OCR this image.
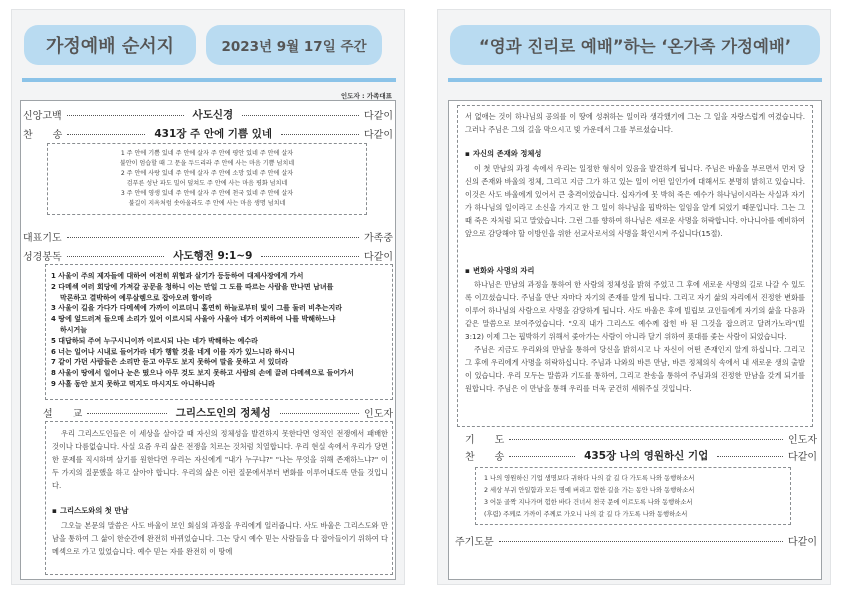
가정예배 순서지	2023년 9월 17일 주간
인도자 : 가족대표
신앙고백	사도신경	다같이
찬　　송	431장 주 안에 기쁨 있네	다같이
1 주 안에 기쁨 있네 주 안에 살자 주 안에 평안 있네 주 안에 살자
불안이 엄습할 때 그 문을 두드리라 주 안에 사는 마음 기쁨 넘치네
2 주 안에 사랑 있네 주 안에 살자 주 안에 소망 있네 주 안에 살자
검푸른 성난 파도 밀어 덮쳐도 주 안에 사는 마음 평화 넘치네
3 주 안에 영생 있네 주 안에 살자 주 안에 천국 있네 주 안에 살자
불길이 지옥처럼 솟아올라도 주 안에 사는 마음 생명 넘치네
대표기도	가족중
성경봉독	사도행전 9:1~9	다같이
1 사울이 주의 제자들에 대하여 여전히 위협과 살기가 등등하여 대제사장에게 가서
2 다메섹 여러 회당에 가져갈 공문을 청하니 이는 만일 그 도를 따르는 사람을 만나면 남녀를
막론하고 결박하여 예루살렘으로 잡아오려 함이라
3 사울이 길을 가다가 다메섹에 가까이 이르더니 홀연히 하늘로부터 빛이 그를 둘러 비추는지라
4 땅에 엎드러져 들으매 소리가 있어 이르시되 사울아 사울아 네가 어찌하여 나를 박해하느냐
하시거늘
5 대답하되 주여 누구시니이까 이르시되 나는 네가 박해하는 예수라
6 너는 일어나 시내로 들어가라 네가 행할 것을 네게 이를 자가 있느니라 하시니
7 같이 가던 사람들은 소리만 듣고 아무도 보지 못하여 말을 못하고 서 있더라
8 사울이 땅에서 일어나 눈은 떴으나 아무 것도 보지 못하고 사람의 손에 끌려 다메섹으로 들어가서
9 사흘 동안 보지 못하고 먹지도 마시지도 아니하니라
설　　교	그리스도인의 정체성	인도자

우리 그리스도인들은 이 세상을 살아갈 때 자신의 정체성을 발견하지 못한다면 영적인 전쟁에서 패배한 것이나 다름없습니다. 사실 요즘 우리 삶은 전쟁을 치르는 것처럼 치열합니다. 우리 현실 속에서 우리가 당면한 문제를 직시하며 살기를 원한다면 우리는 자신에게 "내가 누구냐?" "나는 무엇을 위해 존재하느냐?" 이 두 가지의 질문했을 하고 살아야 합니다. 우리의 삶은 이런 질문에서부터 변화를 이루어내도록 만들 것입니다.

▪ 그리스도와의 첫 만남

그오늘 본문의 말씀은 사도 바울이 보인 회심의 과정을 우리에게 일러줍니다. 사도 바울은 그리스도와 만남을 통하여 그 삶이 한순간에 완전히 바뀌었습니다. 그는 당시 예수 믿는 사람들을 다 잡아들이기 위하여 다메섹으로 가고 있었습니다. 예수 믿는 자를 완전히 이 땅에

“영과 진리로 예배”하는 ‘온가족 가정예배’

서 없애는 것이 하나님의 공의를 이 땅에 성취하는 일이라 생각했기에 그는 그 일을 자랑스럽게 여겼습니다. 그러나 주님은 그의 길을 막으시고 빛 가운데서 그를 부르셨습니다.

▪ 자신의 존재와 정체성

이 첫 만남의 과정 속에서 우리는 일정한 형식이 있음을 발견하게 됩니다. 주님은 바울을 부르면서 먼저 당신의 존재와 바울의 정체, 그리고 지금 그가 하고 있는 일이 어떤 일인가에 대해서도 분명히 밝히고 있습니다. 이것은 사도 바울에게 있어서 큰 충격이었습니다. 십자가에 못 박혀 죽은 예수가 하나님이시라는 사실과 자기가 하나님의 일이라고 소신을 가지고 한 그 일이 하나님을 핍박하는 일임을 알게 되었기 때문입니다. 그는 그때 죽은 자처럼 되고 말았습니다. 그런 그를 향하여 하나님은 새로운 사명을 허락합니다. 아나니아를 예비하여 앞으로 감당해야 할 이방인을 위한 선교사로서의 사명을 확인시켜 주십니다(15절).

▪ 변화와 사명의 자리

하나님은 만남의 과정을 통하여 한 사람의 정체성을 밝혀 주었고 그 후에 새로운 사명의 길로 나갈 수 있도록 이끄셨습니다. 주님을 만난 자마다 자기의 존재를 알게 됩니다. 그리고 자기 삶의 자리에서 진정한 변화를 이루어 하나님의 사람으로 사명을 감당하게 됩니다. 사도 바울은 후에 빌립보 교인들에게 자기의 삶을 다음과 같은 말씀으로 보여주었습니다. "오직 내가 그리스도 예수께 잡힌 바 된 그것을 잡으려고 달려가노라"(빌3:12) 이제 그는 핍박하기 위해서 좇아가는 사람이 아니라 달기 위하여 푯대를 좇는 사람이 되었습니다.

주님은 지금도 우리와의 만남을 통하여 당신을 밝히시고 나 자신이 어떤 존재인지 알게 하십니다. 그리고 그 후에 우리에게 사명을 허락하십니다. 주님과 나와의 바른 만남, 바른 정체의식 속에서 내 새로운 생의 출발이 있습니다. 우리 모두는 말씀과 기도를 통하여, 그리고 찬송을 통하여 주님과의 진정한 만남을 갖게 되기를 원합니다. 주님은 이 만남을 통해 우리를 더욱 굳건히 세워주실 것입니다.

기　　도	인도자
찬　　송	435장 나의 영원하신 기업	다같이
1 나의 영원하신 기업 생명보다 귀하다 나의 갈 길 다 가도록 나와 동행하소서
2 세상 부귀 안일함과 모든 명예 버리고 험한 길을 가는 동안 나와 동행하소서
3 어둔 골짝 지나가며 험한 바다 건너서 천국 문에 이르도록 나와 동행하소서
(후렴) 주께로 가까이 주께로 가오니 나의 갈 길 다 가도록 나와 동행하소서
주기도문	다같이
